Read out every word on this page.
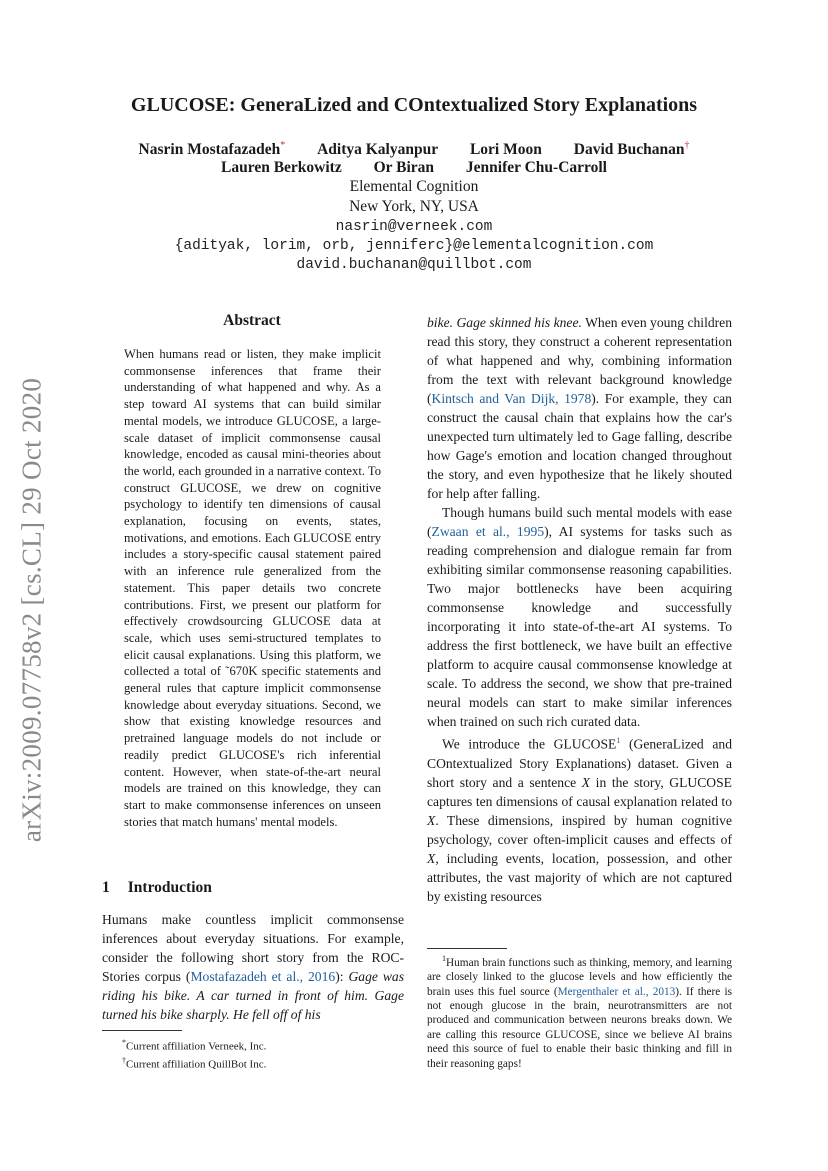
arXiv:2009.07758v2 [cs.CL] 29 Oct 2020
GLUCOSE: GeneraLized and COntextualized Story Explanations
Nasrin Mostafazadeh* Aditya Kalyanpur Lori Moon David Buchanan†
Lauren Berkowitz Or Biran Jennifer Chu-Carroll
Elemental Cognition
New York, NY, USA
nasrin@verneek.com
{adityak, lorim, orb, jenniferc}@elementalcognition.com
david.buchanan@quillbot.com
Abstract
When humans read or listen, they make implicit commonsense inferences that frame their understanding of what happened and why. As a step toward AI systems that can build similar mental models, we introduce GLUCOSE, a large-scale dataset of implicit commonsense causal knowledge, encoded as causal mini-theories about the world, each grounded in a narrative context. To construct GLUCOSE, we drew on cognitive psychology to identify ten dimensions of causal explanation, focusing on events, states, motivations, and emotions. Each GLUCOSE entry includes a story-specific causal statement paired with an inference rule generalized from the statement. This paper details two concrete contributions. First, we present our platform for effectively crowdsourcing GLUCOSE data at scale, which uses semi-structured templates to elicit causal explanations. Using this platform, we collected a total of ˜670K specific statements and general rules that capture implicit commonsense knowledge about everyday situations. Second, we show that existing knowledge resources and pretrained language models do not include or readily predict GLUCOSE's rich inferential content. However, when state-of-the-art neural models are trained on this knowledge, they can start to make commonsense inferences on unseen stories that match humans' mental models.
1 Introduction

Humans make countless implicit commonsense inferences about everyday situations. For example, consider the following short story from the ROC-Stories corpus (Mostafazadeh et al., 2016): Gage was riding his bike. A car turned in front of him. Gage turned his bike sharply. He fell off of his

bike. Gage skinned his knee. When even young children read this story, they construct a coherent representation of what happened and why, combining information from the text with relevant background knowledge (Kintsch and Van Dijk, 1978). For example, they can construct the causal chain that explains how the car's unexpected turn ultimately led to Gage falling, describe how Gage's emotion and location changed throughout the story, and even hypothesize that he likely shouted for help after falling.

Though humans build such mental models with ease (Zwaan et al., 1995), AI systems for tasks such as reading comprehension and dialogue remain far from exhibiting similar commonsense reasoning capabilities. Two major bottlenecks have been acquiring commonsense knowledge and successfully incorporating it into state-of-the-art AI systems. To address the first bottleneck, we have built an effective platform to acquire causal commonsense knowledge at scale. To address the second, we show that pre-trained neural models can start to make similar inferences when trained on such rich curated data.

We introduce the GLUCOSE$^1$ (GeneraLized and COntextualized Story Explanations) dataset. Given a short story and a sentence X in the story, GLUCOSE captures ten dimensions of causal explanation related to X. These dimensions, inspired by human cognitive psychology, cover often-implicit causes and effects of X, including events, location, possession, and other attributes, the vast majority of which are not captured by existing resources

$^1$Human brain functions such as thinking, memory, and learning are closely linked to the glucose levels and how efficiently the brain uses this fuel source (Mergenthaler et al., 2013). If there is not enough glucose in the brain, neurotransmitters are not produced and communication between neurons breaks down. We are calling this resource GLUCOSE, since we believe AI brains need this source of fuel to enable their basic thinking and fill in their reasoning gaps!
*Current affiliation Verneek, Inc.
†Current affiliation QuillBot Inc.
